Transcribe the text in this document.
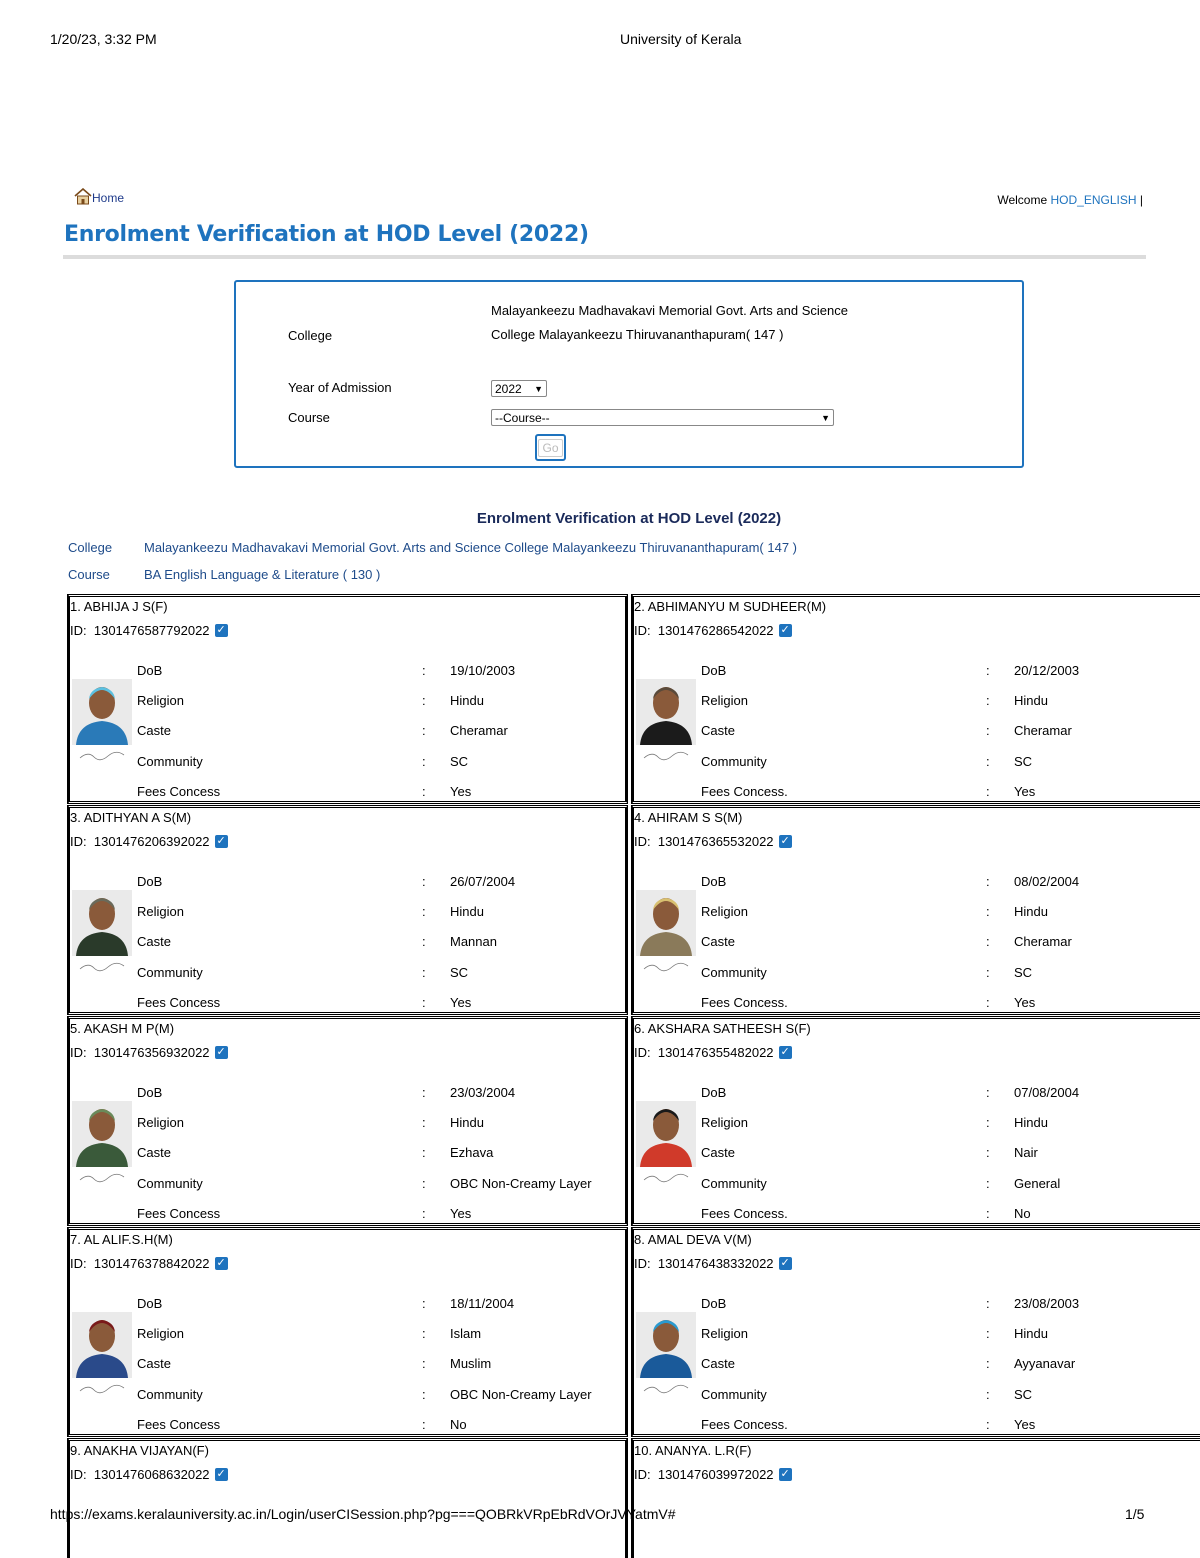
1/20/23, 3:32 PM	University of Kerala
Home	Welcome HOD_ENGLISH |
Enrolment Verification at HOD Level (2022)
College
Malayankeezu Madhavakavi Memorial Govt. Arts and Science College Malayankeezu Thiruvananthapuram( 147 )
Year of Admission	2022 ▼
Course	--Course--	▼
Go
Enrolment Verification at HOD Level (2022)
College Malayankeezu Madhavakavi Memorial Govt. Arts and Science College Malayankeezu Thiruvananthapuram( 147 )
Course	BA English Language & Literature ( 130 )
1. ABHIJA J S(F)
ID:
1301476587792022 ✓
DoB	: 19/10/2003
Religion	: Hindu
Caste	: Cheramar
Community	: SC
Fees Concess	: Yes
2. ABHIMANYU M SUDHEER(M)
ID:
1301476286542022 ✓
DoB	: 20/12/2003
Religion	: Hindu
Caste	: Cheramar
Community	: SC
Fees Concess.	: Yes
3. ADITHYAN A S(M)
ID:
1301476206392022 ✓
DoB	: 26/07/2004
Religion	: Hindu
Caste	: Mannan
Community	: SC
Fees Concess	: Yes
4. AHIRAM S S(M)
ID:
1301476365532022 ✓
DoB	: 08/02/2004
Religion	: Hindu
Caste	: Cheramar
Community	: SC
Fees Concess.	: Yes
5. AKASH M P(M)
ID:
1301476356932022 ✓
DoB	: 23/03/2004
Religion	: Hindu
Caste	: Ezhava
Community	: OBC Non-Creamy Layer
Fees Concess	: Yes
6. AKSHARA SATHEESH S(F)
ID:
1301476355482022 ✓
DoB	: 07/08/2004
Religion	: Hindu
Caste	: Nair
Community	: General
Fees Concess.	: No
7. AL ALIF.S.H(M)
ID:
1301476378842022 ✓
DoB	: 18/11/2004
Religion	: Islam
Caste	: Muslim
Community	: OBC Non-Creamy Layer
Fees Concess	: No
8. AMAL DEVA V(M)
ID:
1301476438332022 ✓
DoB	: 23/08/2003
Religion	: Hindu
Caste	: Ayyanavar
Community	: SC
Fees Concess.	: Yes
9. ANAKHA VIJAYAN(F)
ID:
1301476068632022 ✓
10. ANANYA. L.R(F)
ID:
1301476039972022 ✓
https://exams.keralauniversity.ac.in/Login/userCISession.php?pg===QOBRkVRpEbRdVOrJVYatmV#	1/5
